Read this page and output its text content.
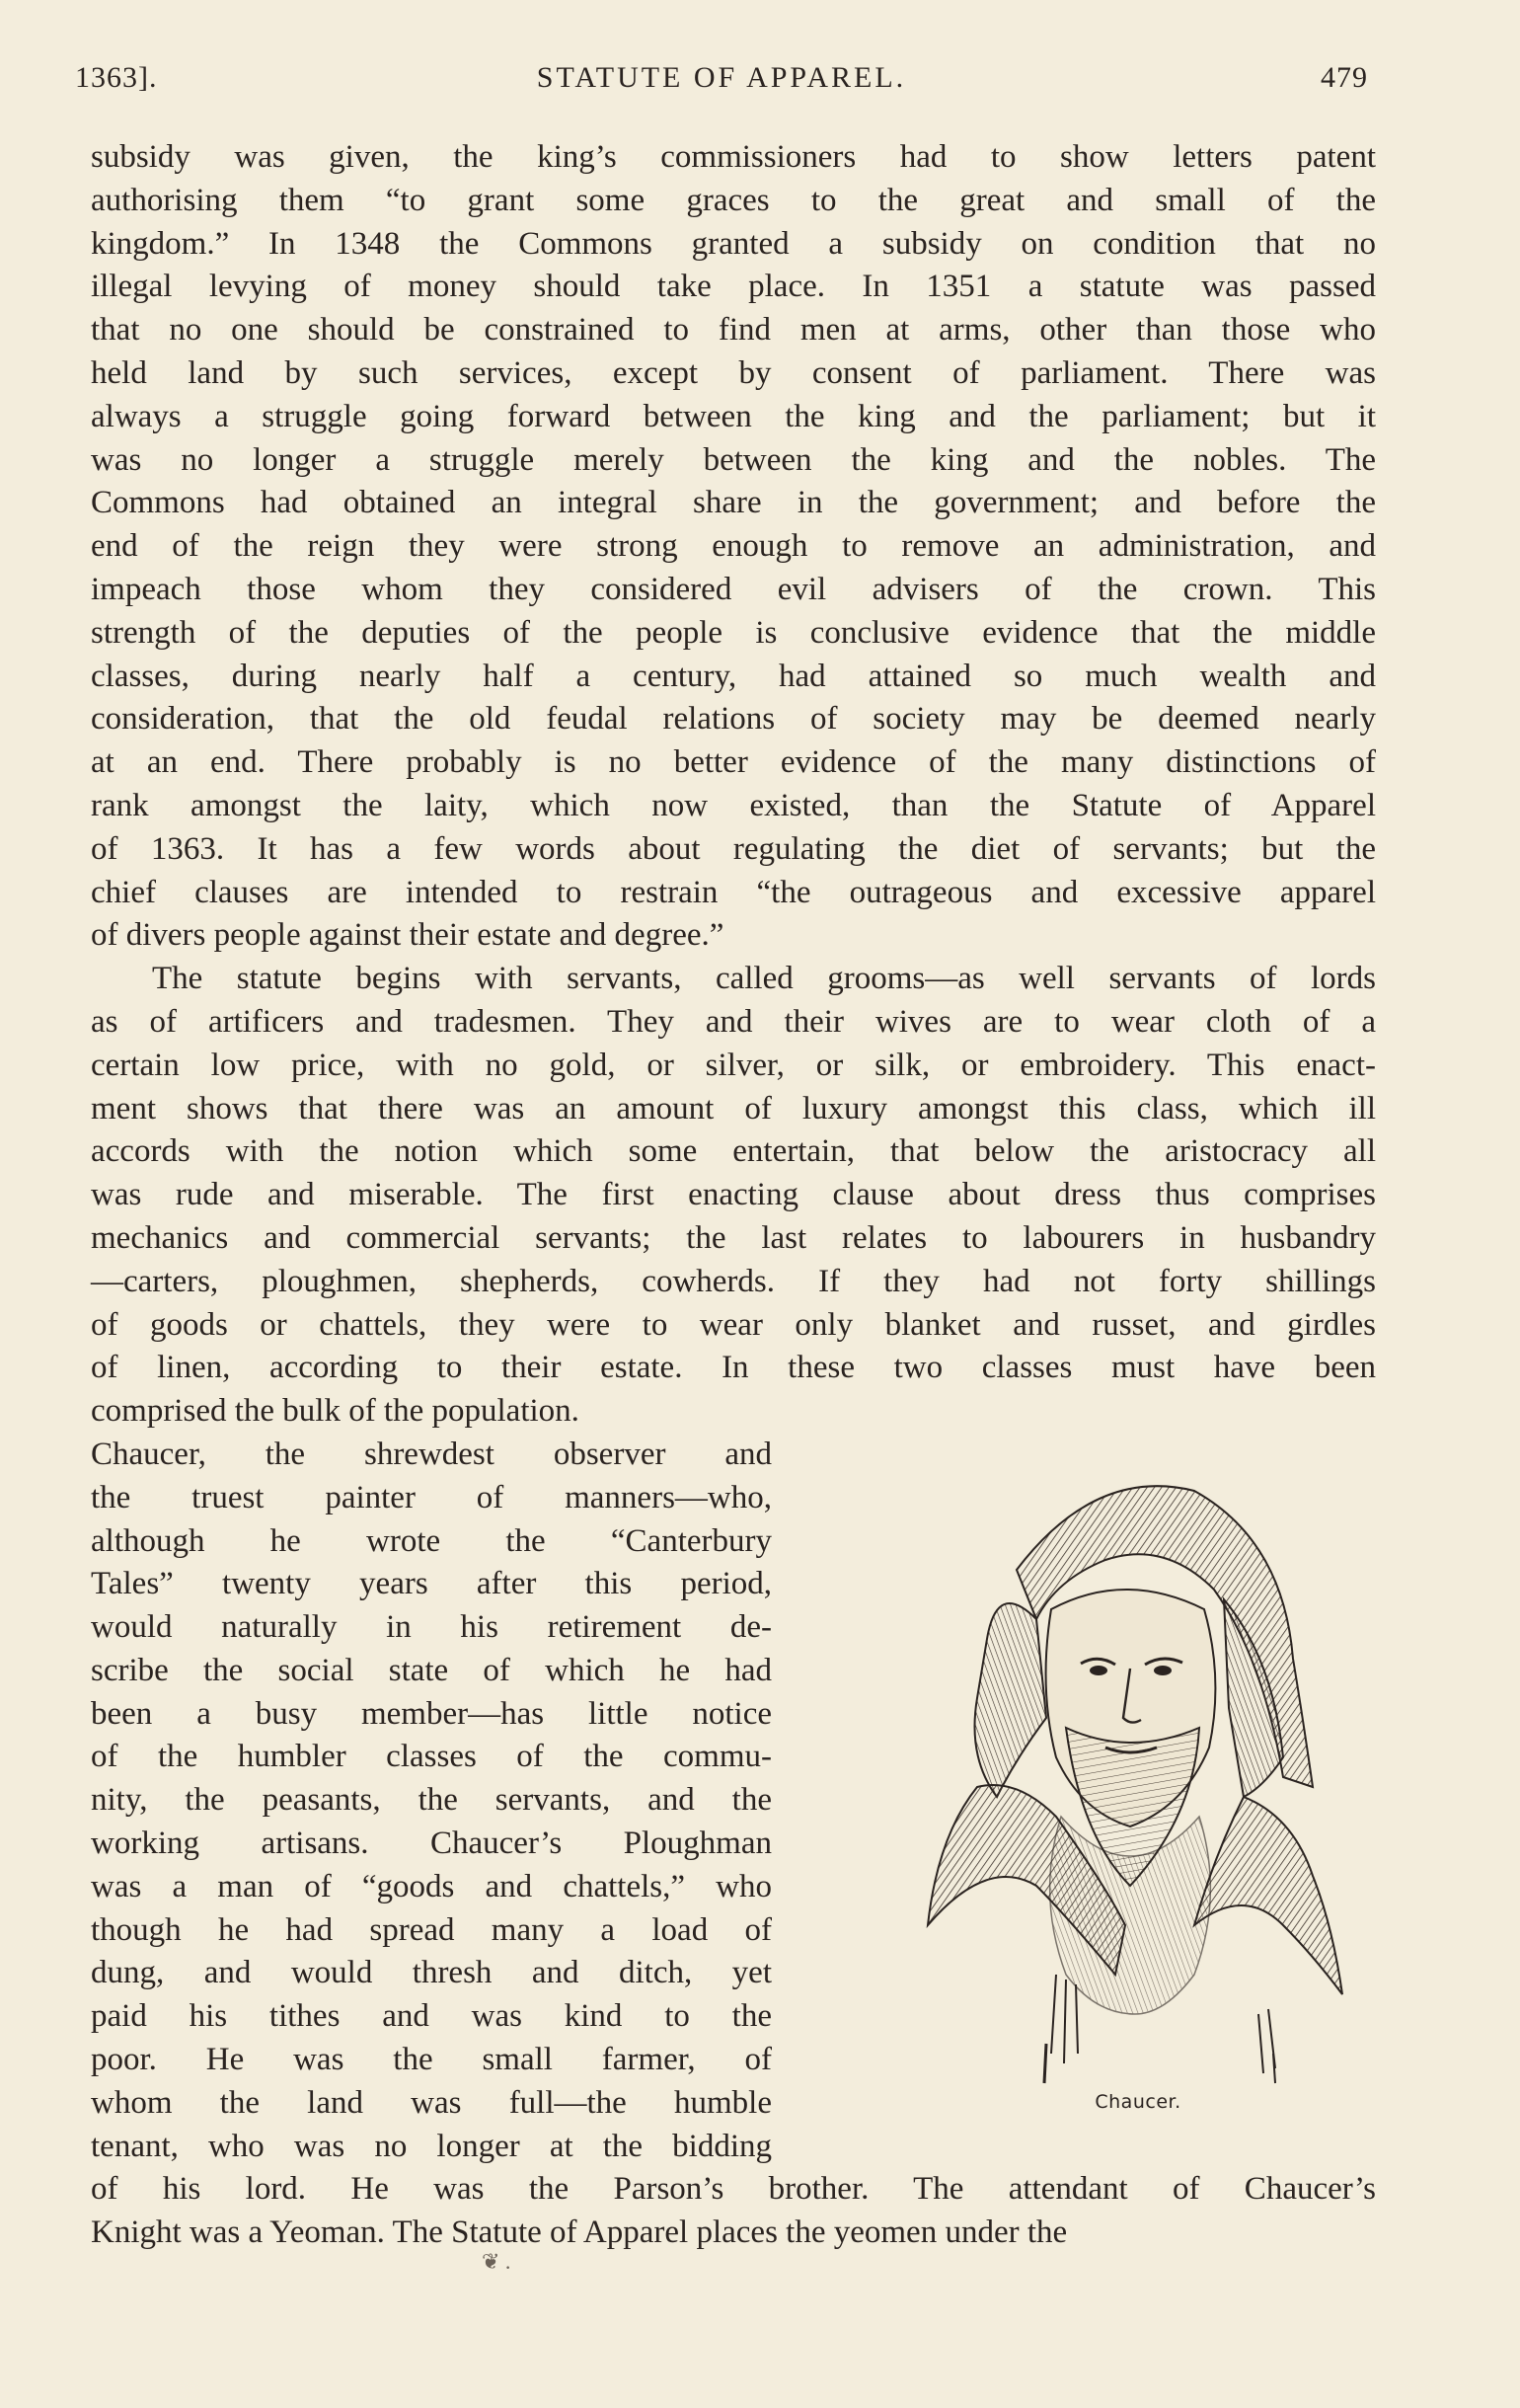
1363].	STATUTE OF APPAREL.	479
subsidy was given, the king’s commissioners had to show letters patent
authorising them “to grant some graces to the great and small of the
kingdom.” In 1348 the Commons granted a subsidy on condition that no
illegal levying of money should take place. In 1351 a statute was passed
that no one should be constrained to find men at arms, other than those who
held land by such services, except by consent of parliament. There was
always a struggle going forward between the king and the parliament; but it
was no longer a struggle merely between the king and the nobles. The
Commons had obtained an integral share in the government; and before the
end of the reign they were strong enough to remove an administration, and
impeach those whom they considered evil advisers of the crown. This
strength of the deputies of the people is conclusive evidence that the middle
classes, during nearly half a century, had attained so much wealth and
consideration, that the old feudal relations of society may be deemed nearly
at an end. There probably is no better evidence of the many distinctions of
rank amongst the laity, which now existed, than the Statute of Apparel
of 1363. It has a few words about regulating the diet of servants; but the
chief clauses are intended to restrain “the outrageous and excessive apparel
of divers people against their estate and degree.”
The statute begins with servants, called grooms—as well servants of lords
as of artificers and tradesmen. They and their wives are to wear cloth of a
certain low price, with no gold, or silver, or silk, or embroidery. This enact-
ment shows that there was an amount of luxury amongst this class, which ill
accords with the notion which some entertain, that below the aristocracy all
was rude and miserable. The first enacting clause about dress thus comprises
mechanics and commercial servants; the last relates to labourers in husbandry
—carters, ploughmen, shepherds, cowherds. If they had not forty shillings
of goods or chattels, they were to wear only blanket and russet, and girdles
of linen, according to their estate. In these two classes must have been
comprised the bulk of the population.
Chaucer, the shrewdest observer and
the truest painter of manners—who,
although he wrote the “Canterbury
Tales” twenty years after this period,
would naturally in his retirement de-
scribe the social state of which he had
been a busy member—has little notice
of the humbler classes of the commu-
nity, the peasants, the servants, and the
working artisans. Chaucer’s Ploughman
was a man of “goods and chattels,” who
though he had spread many a load of
dung, and would thresh and ditch, yet
paid his tithes and was kind to the
poor. He was the small farmer, of
whom the land was full—the humble
tenant, who was no longer at the bidding
of his lord. He was the Parson’s brother. The attendant of Chaucer’s
Knight was a Yeoman. The Statute of Apparel places the yeomen under the
Chaucer.
❦ .
